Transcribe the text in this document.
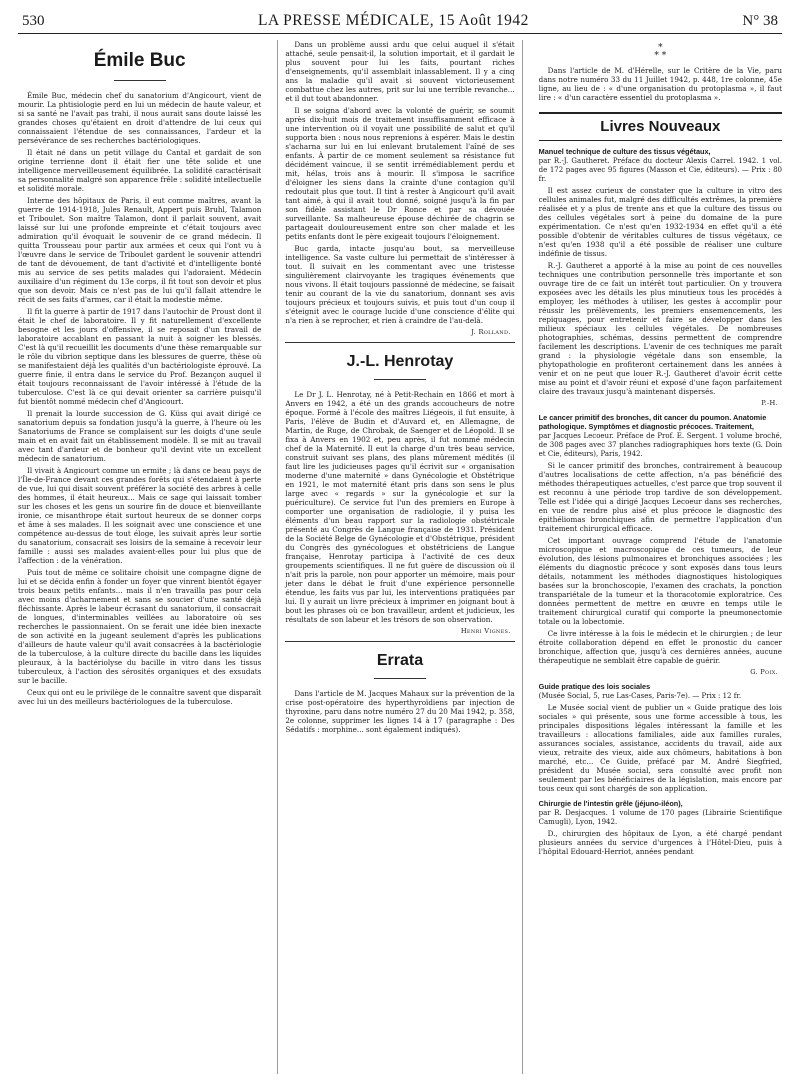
530	LA PRESSE MÉDICALE, 15 Août 1942	N° 38
Émile Buc

Émile Buc, médecin chef du sanatorium d'Angicourt, vient de mourir. La phtisiologie perd en lui un médecin de haute valeur, et si sa santé ne l'avait pas trahi, il nous aurait sans doute laissé les grandes choses qu'étaient en droit d'attendre de lui ceux qui connaissaient l'étendue de ses connaissances, l'ardeur et la persévérance de ses recherches bactériologiques.

Il était né dans un petit village du Cantal et gardait de son origine terrienne dont il était fier une tête solide et une intelligence merveilleusement équilibrée. La solidité caractérisait sa personnalité malgré son apparence frêle : solidité intellectuelle et solidité morale.

Interne des hôpitaux de Paris, il eut comme maîtres, avant la guerre de 1914-1918, Jules Renault, Appert puis Bruhl, Talamon et Triboulet. Son maître Talamon, dont il parlait souvent, avait laissé sur lui une profonde empreinte et c'était toujours avec admiration qu'il évoquait le souvenir de ce grand médecin. Il quitta Trousseau pour partir aux armées et ceux qui l'ont vu à l'œuvre dans le service de Triboulet gardent le souvenir attendri de tant de dévouement, de tant d'activité et d'intelligente bonté mis au service de ses petits malades qui l'adoraient. Médecin auxiliaire d'un régiment du 13e corps, il fit tout son devoir et plus que son devoir. Mais ce n'est pas de lui qu'il fallait attendre le récit de ses faits d'armes, car il était la modestie même.

Il fit la guerre à partir de 1917 dans l'autochir de Proust dont il était le chef de laboratoire. Il y fit naturellement d'excellente besogne et les jours d'offensive, il se reposait d'un travail de laboratoire accablant en passant la nuit à soigner les blessés. C'est là qu'il recueillit les documents d'une thèse remarquable sur le rôle du vibrion septique dans les blessures de guerre, thèse où se manifestaient déjà les qualités d'un bactériologiste éprouvé. La guerre finie, il entra dans le service du Prof. Bezançon auquel il était toujours reconnaissant de l'avoir intéressé à l'étude de la tuberculose. C'est là ce qui devait orienter sa carrière puisqu'il fut bientôt nommé médecin chef d'Angicourt.

Il prenait la lourde succession de G. Küss qui avait dirigé ce sanatorium depuis sa fondation jusqu'à la guerre, à l'heure où les Sanatoriums de France se complaisent sur les doigts d'une seule main et en avait fait un établissement modèle. Il se mit au travail avec tant d'ardeur et de bonheur qu'il devint vite un excellent médecin de sanatorium.

Il vivait à Angicourt comme un ermite ; là dans ce beau pays de l'Île-de-France devant ces grandes forêts qui s'étendaient à perte de vue, lui qui disait souvent préférer la société des arbres à celle des hommes, il était heureux... Mais ce sage qui laissait tomber sur les choses et les gens un sourire fin de douce et bienveillante ironie, ce misanthrope était surtout heureux de se donner corps et âme à ses malades. Il les soignait avec une conscience et une compétence au-dessus de tout éloge, les suivait après leur sortie du sanatorium, consacrait ses loisirs de la semaine à recevoir leur famille : aussi ses malades avaient-elles pour lui plus que de l'affection : de la vénération.

Puis tout de même ce solitaire choisit une compagne digne de lui et se décida enfin à fonder un foyer que vinrent bientôt égayer trois beaux petits enfants... mais il n'en travailla pas pour cela avec moins d'acharnement et sans se soucier d'une santé déjà fléchissante. Après le labeur écrasant du sanatorium, il consacrait de longues, d'interminables veillées au laboratoire où ses recherches le passionnaient. On se ferait une idée bien inexacte de son activité en la jugeant seulement d'après les publications d'ailleurs de haute valeur qu'il avait consacrées à la bactériologie de la tuberculose, à la culture directe du bacille dans les liquides pleuraux, à la bactériolyse du bacille in vitro dans les tissus tuberculeux, à l'action des sérosités organiques et des exsudats sur le bacille.

Ceux qui ont eu le privilège de le connaître savent que disparaît avec lui un des meilleurs bactériologues de la tuberculose.

Dans un problème aussi ardu que celui auquel il s'était attaché, seule pensait-il, la solution importait, et il gardait le plus souvent pour lui les faits, pourtant riches d'enseignements, qu'il assemblait inlassablement. Il y a cinq ans la maladie qu'il avait si souvent victorieusement combattue chez les autres, prit sur lui une terrible revanche... et il dut tout abandonner.

Il se soigna d'abord avec la volonté de guérir, se soumit après dix-huit mois de traitement insuffisamment efficace à une intervention où il voyait une possibilité de salut et qu'il supporta bien : nous nous reprenions à espérer. Mais le destin s'acharna sur lui en lui enlevant brutalement l'aîné de ses enfants. À partir de ce moment seulement sa résistance fut décidément vaincue, il se sentit irrémédiablement perdu et mit, hélas, trois ans à mourir. Il s'imposa le sacrifice d'éloigner les siens dans la crainte d'une contagion qu'il redoutait plus que tout. Il tint à rester à Angicourt qu'il avait tant aimé, à qui il avait tout donné, soigné jusqu'à la fin par son fidèle assistant le Dr Ronce et par sa dévouée surveillante. Sa malheureuse épouse déchirée de chagrin se partageait douloureusement entre son cher malade et les petits enfants dont le père exigeait toujours l'éloignement.

Buc garda, intacte jusqu'au bout, sa merveilleuse intelligence. Sa vaste culture lui permettait de s'intéresser à tout. Il suivait en les commentant avec une tristesse singulièrement clairvoyante les tragiques événements que nous vivons. Il était toujours passionné de médecine, se faisait tenir au courant de la vie du sanatorium, donnant ses avis toujours précieux et toujours suivis, et puis tout d'un coup il s'éteignit avec le courage lucide d'une conscience d'élite qui n'a rien à se reprocher, et rien à craindre de l'au-delà.

J. Rolland.
J.-L. Henrotay

Le Dr J. L. Henrotay, né à Petit-Rechain en 1866 et mort à Anvers en 1942, a été un des grands accoucheurs de notre époque. Formé à l'école des maîtres Liégeois, il fut ensuite, à Paris, l'élève de Budin et d'Auvard et, en Allemagne, de Martin, de Ruge, de Chrobak, de Saenger et de Léopold. Il se fixa à Anvers en 1902 et, peu après, il fut nommé médecin chef de la Maternité. Il eut la charge d'un très beau service, construit suivant ses plans, des plans mûrement médités (il faut lire les judicieuses pages qu'il écrivit sur « organisation moderne d'une maternité » dans Gynécologie et Obstétrique en 1921, le mot maternité étant pris dans son sens le plus large avec « regards » sur la gynécologie et sur la puériculture). Ce service fut l'un des premiers en Europe à comporter une organisation de radiologie, il y puisa les éléments d'un beau rapport sur la radiologie obstétricale présenté au Congrès de Langue française de 1931. Président de la Société Belge de Gynécologie et d'Obstétrique, président du Congrès des gynécologues et obstétriciens de Langue française, Henrotay participa à l'activité de ces deux groupements scientifiques. Il ne fut guère de discussion où il n'ait pris la parole, non pour apporter un mémoire, mais pour jeter dans le débat le fruit d'une expérience personnelle étendue, les faits vus par lui, les interventions pratiquées par lui. Il y aurait un livre précieux à imprimer en joignant bout à bout les phrases où ce bon travailleur, ardent et judicieux, les résultats de son labeur et les trésors de son observation.

Henri Vignes.
Errata

Dans l'article de M. Jacques Mahaux sur la prévention de la crise post-opératoire des hyperthyroïdiens par injection de thyroxine, paru dans notre numéro 27 du 20 Mai 1942, p. 358, 2e colonne, supprimer les lignes 14 à 17 (paragraphe : Des Sédatifs : morphine... sont également indiqués).

*
* *

Dans l'article de M. d'Hérelle, sur le Critère de la Vie, paru dans notre numéro 33 du 11 Juillet 1942, p. 448, 1re colonne, 45e ligne, au lieu de : « d'une organisation du protoplasma », il faut lire : « d'un caractère essentiel du protoplasma ».

Livres Nouveaux
Manuel technique de culture des tissus végétaux,
par R.-J. Gautheret. Préface du docteur Alexis Carrel. 1942. 1 vol. de 172 pages avec 95 figures (Masson et Cie, éditeurs). — Prix : 80 fr.

Il est assez curieux de constater que la culture in vitro des cellules animales fut, malgré des difficultés extrêmes, la première réalisée et y a plus de trente ans et que la culture des tissus ou des cellules végétales sort à peine du domaine de la pure expérimentation. Ce n'est qu'en 1932-1934 en effet qu'il a été possible d'obtenir de véritables cultures de tissus végétaux, ce n'est qu'en 1938 qu'il a été possible de réaliser une culture indéfinie de tissus.

R.-J. Gautheret a apporté à la mise au point de ces nouvelles techniques une contribution personnelle très importante et son ouvrage tire de ce fait un intérêt tout particulier. On y trouvera exposées avec les détails les plus minutieux tous les procédés à employer, les méthodes à utiliser, les gestes à accomplir pour réussir les prélèvements, les premiers ensemencements, les repiquages, pour entretenir et faire se développer dans les milieux spéciaux les cellules végétales. De nombreuses photographies, schémas, dessins permettent de comprendre facilement les descriptions. L'avenir de ces techniques me paraît grand : la physiologie végétale dans son ensemble, la phytopathologie en profiteront certainement dans les années à venir et on ne peut que louer R.-J. Gautheret d'avoir écrit cette mise au point et d'avoir réuni et exposé d'une façon parfaitement claire des travaux jusqu'à maintenant dispersés.

P.-H.
Le cancer primitif des bronches, dit cancer du poumon. Anatomie pathologique. Symptômes et diagnostic précoces. Traitement,
par Jacques Lecoeur. Préface de Prof. E. Sergent. 1 volume broché, de 308 pages avec 37 planches radiographiques hors texte (G. Doin et Cie, éditeurs), Paris, 1942.

Si le cancer primitif des bronches, contrairement à beaucoup d'autres localisations de cette affection, n'a pas bénéficié des méthodes thérapeutiques actuelles, c'est parce que trop souvent il est reconnu à une période trop tardive de son développement. Telle est l'idée qui a dirigé Jacques Lecoeur dans ses recherches, en vue de rendre plus aisé et plus précoce le diagnostic des épithéliomas bronchiques afin de permettre l'application d'un traitement chirurgical efficace.

Cet important ouvrage comprend l'étude de l'anatomie microscopique et macroscopique de ces tumeurs, de leur évolution, des lésions pulmonaires et bronchiques associées ; les éléments du diagnostic précoce y sont exposés dans tous leurs détails, notamment les méthodes diagnostiques histologiques basées sur la bronchoscopie, l'examen des crachats, la ponction transpariétale de la tumeur et la thoracotomie exploratrice. Ces données permettent de mettre en œuvre en temps utile le traitement chirurgical curatif qui comporte la pneumonectomie totale ou la lobectomie.

Ce livre intéresse à la fois le médecin et le chirurgien ; de leur étroite collaboration dépend en effet le pronostic du cancer bronchique, affection que, jusqu'à ces dernières années, aucune thérapeutique ne semblait être capable de guérir.

G. Poix.
Guide pratique des lois sociales
(Musée Social, 5, rue Las-Cases, Paris-7e). — Prix : 12 fr.

Le Musée social vient de publier un « Guide pratique des lois sociales » qui présente, sous une forme accessible à tous, les principales dispositions légales intéressant la famille et les travailleurs : allocations familiales, aide aux familles rurales, assurances sociales, assistance, accidents du travail, aide aux vieux, retraite des vieux, aide aux chômeurs, habitations à bon marché, etc... Ce Guide, préfacé par M. André Siegfried, président du Musée social, sera consulté avec profit non seulement par les bénéficiaires de la législation, mais encore par tous ceux qui sont chargés de son application.

Chirurgie de l'intestin grêle (jéjuno-iléon),
par R. Desjacques. 1 volume de 170 pages (Librairie Scientifique Camugli), Lyon, 1942.

D., chirurgien des hôpitaux de Lyon, a été chargé pendant plusieurs années du service d'urgences à l'Hôtel-Dieu, puis à l'hôpital Edouard-Herriot, années pendant
